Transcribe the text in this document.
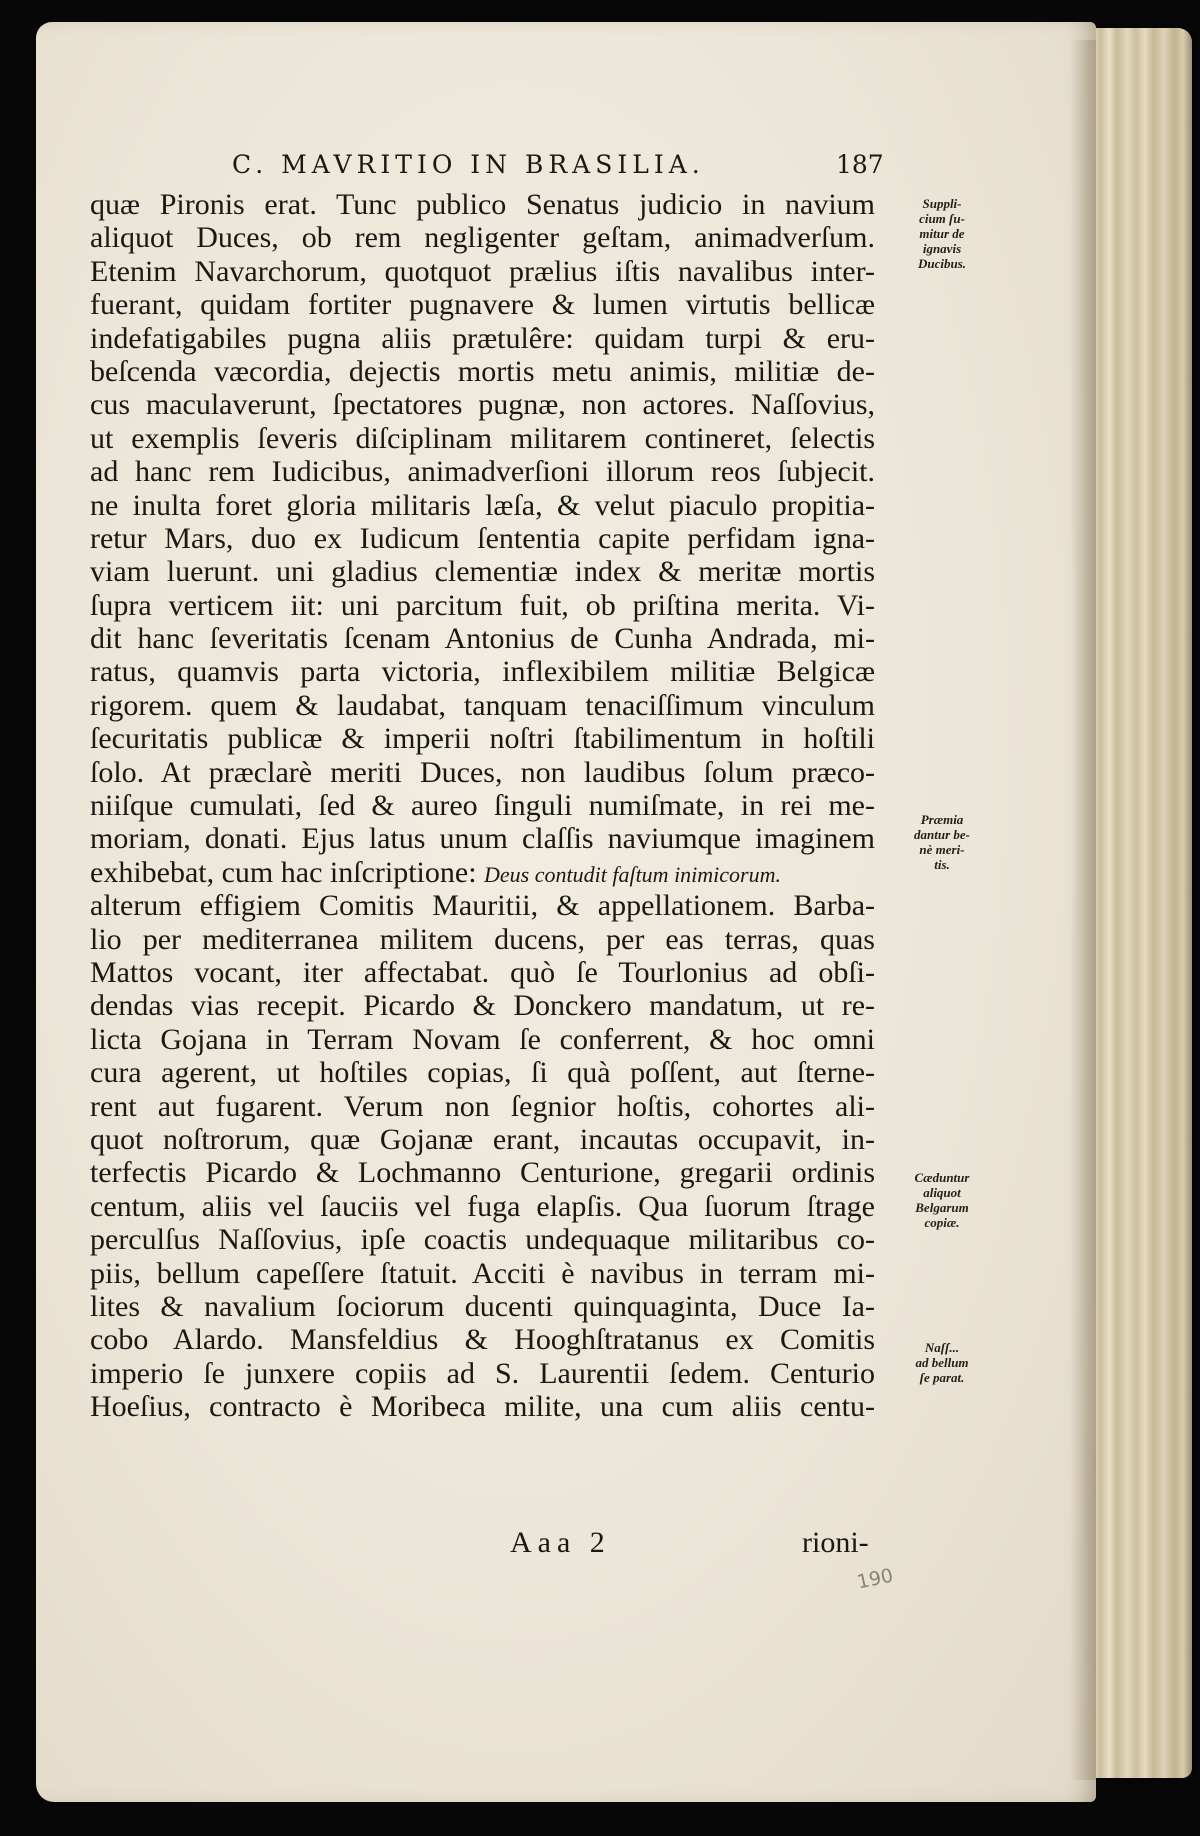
C. MAVRITIO IN BRASILIA.	187
quæ Pironis erat. Tunc publico Senatus judicio in navium
aliquot Duces, ob rem negligenter geſtam, animadverſum.
Etenim Navarchorum, quotquot prælius iſtis navalibus inter-
fuerant, quidam fortiter pugnavere & lumen virtutis bellicæ
indefatigabiles pugna aliis prætulêre: quidam turpi & eru-
beſcenda væcordia, dejectis mortis metu animis, militiæ de-
cus maculaverunt, ſpectatores pugnæ, non actores. Naſſovius,
ut exemplis ſeveris diſciplinam militarem contineret, ſelectis
ad hanc rem Iudicibus, animadverſioni illorum reos ſubjecit.
ne inulta foret gloria militaris læſa, & velut piaculo propitia-
retur Mars, duo ex Iudicum ſententia capite perfidam igna-
viam luerunt. uni gladius clementiæ index & meritæ mortis
ſupra verticem iit: uni parcitum fuit, ob priſtina merita. Vi-
dit hanc ſeveritatis ſcenam Antonius de Cunha Andrada, mi-
ratus, quamvis parta victoria, inflexibilem militiæ Belgicæ
rigorem. quem & laudabat, tanquam tenaciſſimum vinculum
ſecuritatis publicæ & imperii noſtri ſtabilimentum in hoſtili
ſolo. At præclarè meriti Duces, non laudibus ſolum præco-
niiſque cumulati, ſed & aureo ſinguli numiſmate, in rei me-
moriam, donati. Ejus latus unum claſſis naviumque imaginem
exhibebat, cum hac inſcriptione: Deus contudit faſtum inimicorum.
alterum effigiem Comitis Mauritii, & appellationem. Barba-
lio per mediterranea militem ducens, per eas terras, quas
Mattos vocant, iter affectabat. quò ſe Tourlonius ad obſi-
dendas vias recepit. Picardo & Donckero mandatum, ut re-
licta Gojana in Terram Novam ſe conferrent, & hoc omni
cura agerent, ut hoſtiles copias, ſi quà poſſent, aut ſterne-
rent aut fugarent. Verum non ſegnior hoſtis, cohortes ali-
quot noſtrorum, quæ Gojanæ erant, incautas occupavit, in-
terfectis Picardo & Lochmanno Centurione, gregarii ordinis
centum, aliis vel ſauciis vel fuga elapſis. Qua ſuorum ſtrage
perculſus Naſſovius, ipſe coactis undequaque militaribus co-
piis, bellum capeſſere ſtatuit. Acciti è navibus in terram mi-
lites & navalium ſociorum ducenti quinquaginta, Duce Ia-
cobo Alardo. Mansfeldius & Hooghſtratanus ex Comitis
imperio ſe junxere copiis ad S. Laurentii ſedem. Centurio
Hoeſius, contracto è Moribeca milite, una cum aliis centu-
Suppli-
cium ſu-
mitur de
ignavis
Ducibus.
Præmia
dantur be-
nè meri-
tis.
Cæduntur
aliquot
Belgarum
copiæ.
Naſſ...
ad bellum
ſe parat.
Aaa 2	rioni-
190
